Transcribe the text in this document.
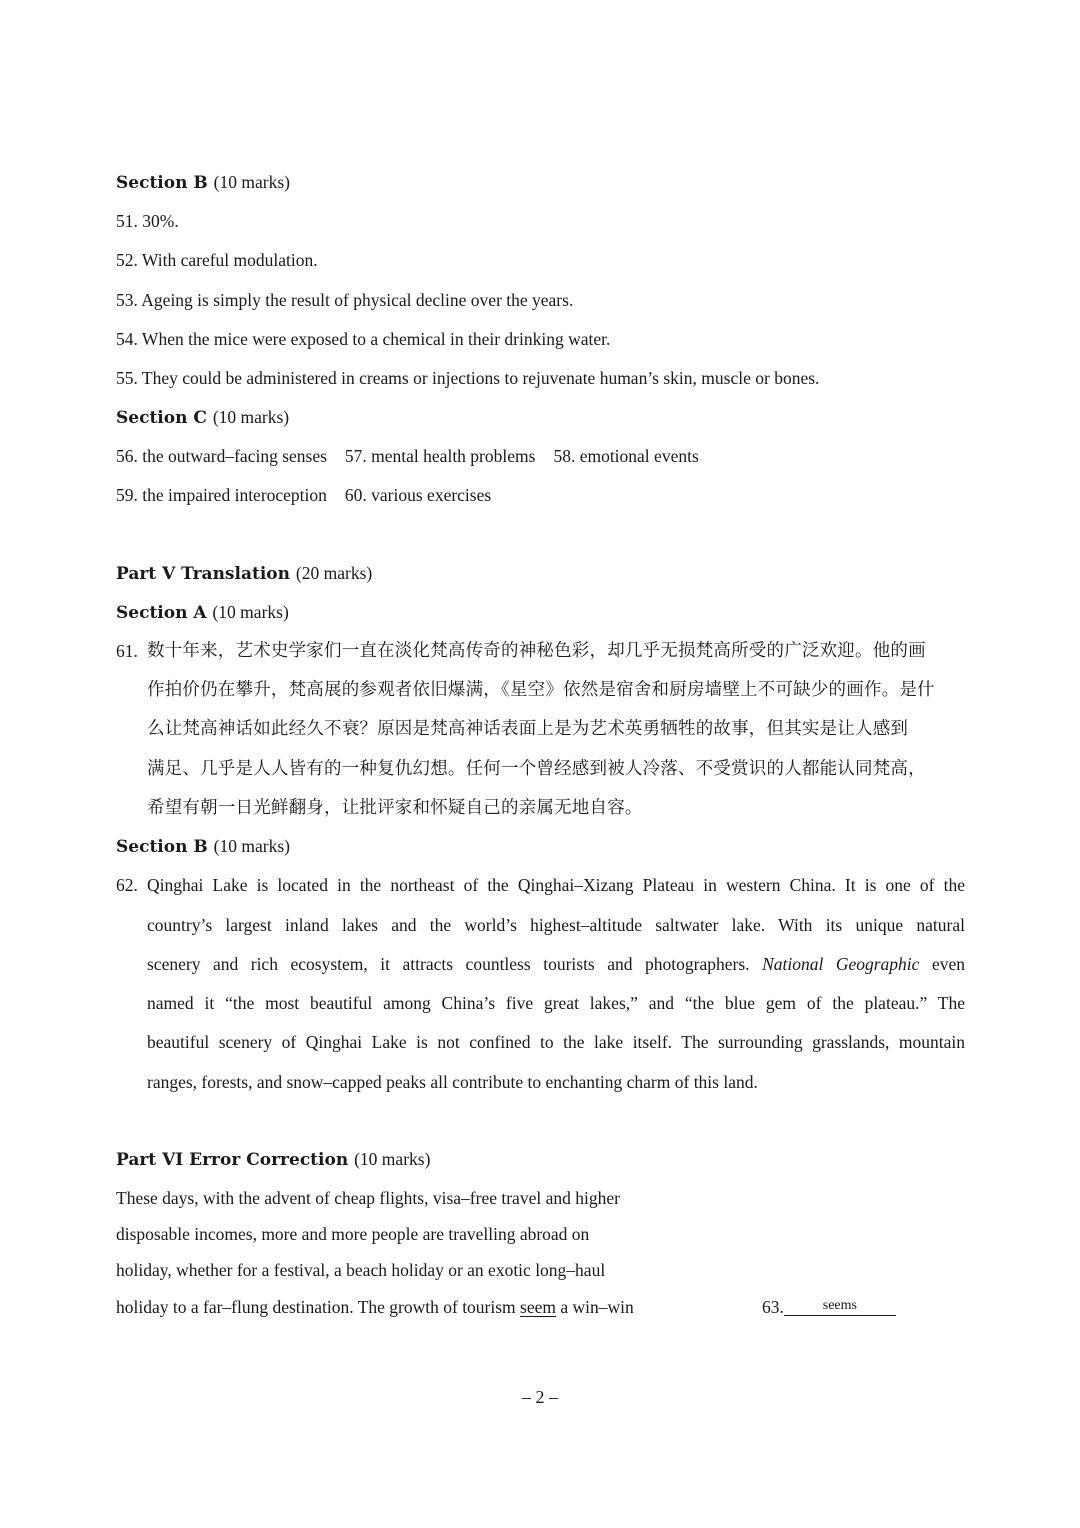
Section B (10 marks)
51. 30%.
52. With careful modulation.
53. Ageing is simply the result of physical decline over the years.
54. When the mice were exposed to a chemical in their drinking water.
55. They could be administered in creams or injections to rejuvenate human’s skin, muscle or bones.
Section C (10 marks)
56. the outward–facing senses 57. mental health problems 58. emotional events
59. the impaired interoception 60. various exercises
Part V Translation (20 marks)
Section A (10 marks)
61. 数十年来，艺术史学家们一直在淡化梵高传奇的神秘色彩，却几乎无损梵高所受的广泛欢迎。他的画
作拍价仍在攀升，梵高展的参观者依旧爆满，《星空》依然是宿舍和厨房墙壁上不可缺少的画作。是什
么让梵高神话如此经久不衰？原因是梵高神话表面上是为艺术英勇牺牲的故事，但其实是让人感到
满足、几乎是人人皆有的一种复仇幻想。任何一个曾经感到被人冷落、不受赏识的人都能认同梵高，
希望有朝一日光鲜翻身，让批评家和怀疑自己的亲属无地自容。
Section B (10 marks)
62. Qinghai Lake is located in the northeast of the Qinghai–Xizang Plateau in western China. It is one of the
country’s largest inland lakes and the world’s highest–altitude saltwater lake. With its unique natural
scenery and rich ecosystem, it attracts countless tourists and photographers. National Geographic even
named it “the most beautiful among China’s five great lakes,” and “the blue gem of the plateau.” The
beautiful scenery of Qinghai Lake is not confined to the lake itself. The surrounding grasslands, mountain
ranges, forests, and snow–capped peaks all contribute to enchanting charm of this land.
Part VI Error Correction (10 marks)
These days, with the advent of cheap flights, visa–free travel and higher
disposable incomes, more and more people are travelling abroad on
holiday, whether for a festival, a beach holiday or an exotic long–haul
holiday to a far–flung destination. The growth of tourism seem a win–win	63.	seems
– 2 –
